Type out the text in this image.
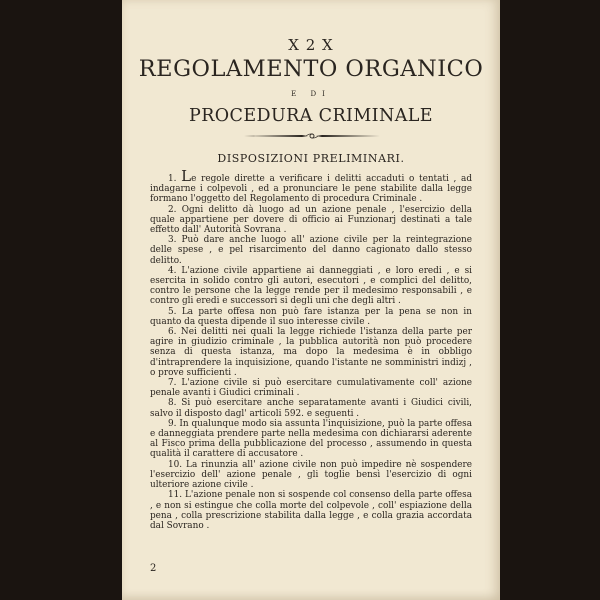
X 2 X
REGOLAMENTO ORGANICO
E DI
PROCEDURA CRIMINALE
DISPOSIZIONI PRELIMINARI.

1. Le regole dirette a verificare i delitti accaduti o tentati , ad indagarne i colpevoli , ed a pronunciare le pene stabilite dalla legge formano l'oggetto del Regolamento di procedura Criminale .

2. Ogni delitto dà luogo ad un azione penale , l'esercizio della quale appartiene per dovere di officio ai Funzionarj destinati a tale effetto dall' Autorità Sovrana .

3. Può dare anche luogo all' azione civile per la reintegrazione delle spese , e pel risarcimento del danno cagionato dallo stesso delitto.

4. L'azione civile appartiene ai danneggiati , e loro eredi , e si esercita in solido contro gli autori, esecutori , e complici del delitto, contro le persone che la legge rende per il medesimo responsabili , e contro gli eredi e successori si degli uni che degli altri .

5. La parte offesa non può fare istanza per la pena se non in quanto da questa dipende il suo interesse civile .

6. Nei delitti nei quali la legge richiede l'istanza della parte per agire in giudizio criminale , la pubblica autorità non può procedere senza di questa istanza, ma dopo la medesima è in obbligo d'intraprendere la inquisizione, quando l'istante ne somministri indizj , o prove sufficienti .

7. L'azione civile si può esercitare cumulativamente coll' azione penale avanti i Giudici criminali .

8. Si può esercitare anche separatamente avanti i Giudici civili, salvo il disposto dagl' articoli 592. e seguenti .

9. In qualunque modo sia assunta l'inquisizione, può la parte offesa e danneggiata prendere parte nella medesima con dichiararsi aderente al Fisco prima della pubblicazione del processo , assumendo in questa qualità il carattere di accusatore .

10. La rinunzia all' azione civile non può impedire nè sospendere l'esercizio dell' azione penale , gli toglie bensì l'esercizio di ogni ulteriore azione civile .

11. L'azione penale non si sospende col consenso della parte offesa , e non si estingue che colla morte del colpevole , coll' espiazione della pena , colla prescrizione stabilita dalla legge , e colla grazia accordata dal Sovrano .

2
